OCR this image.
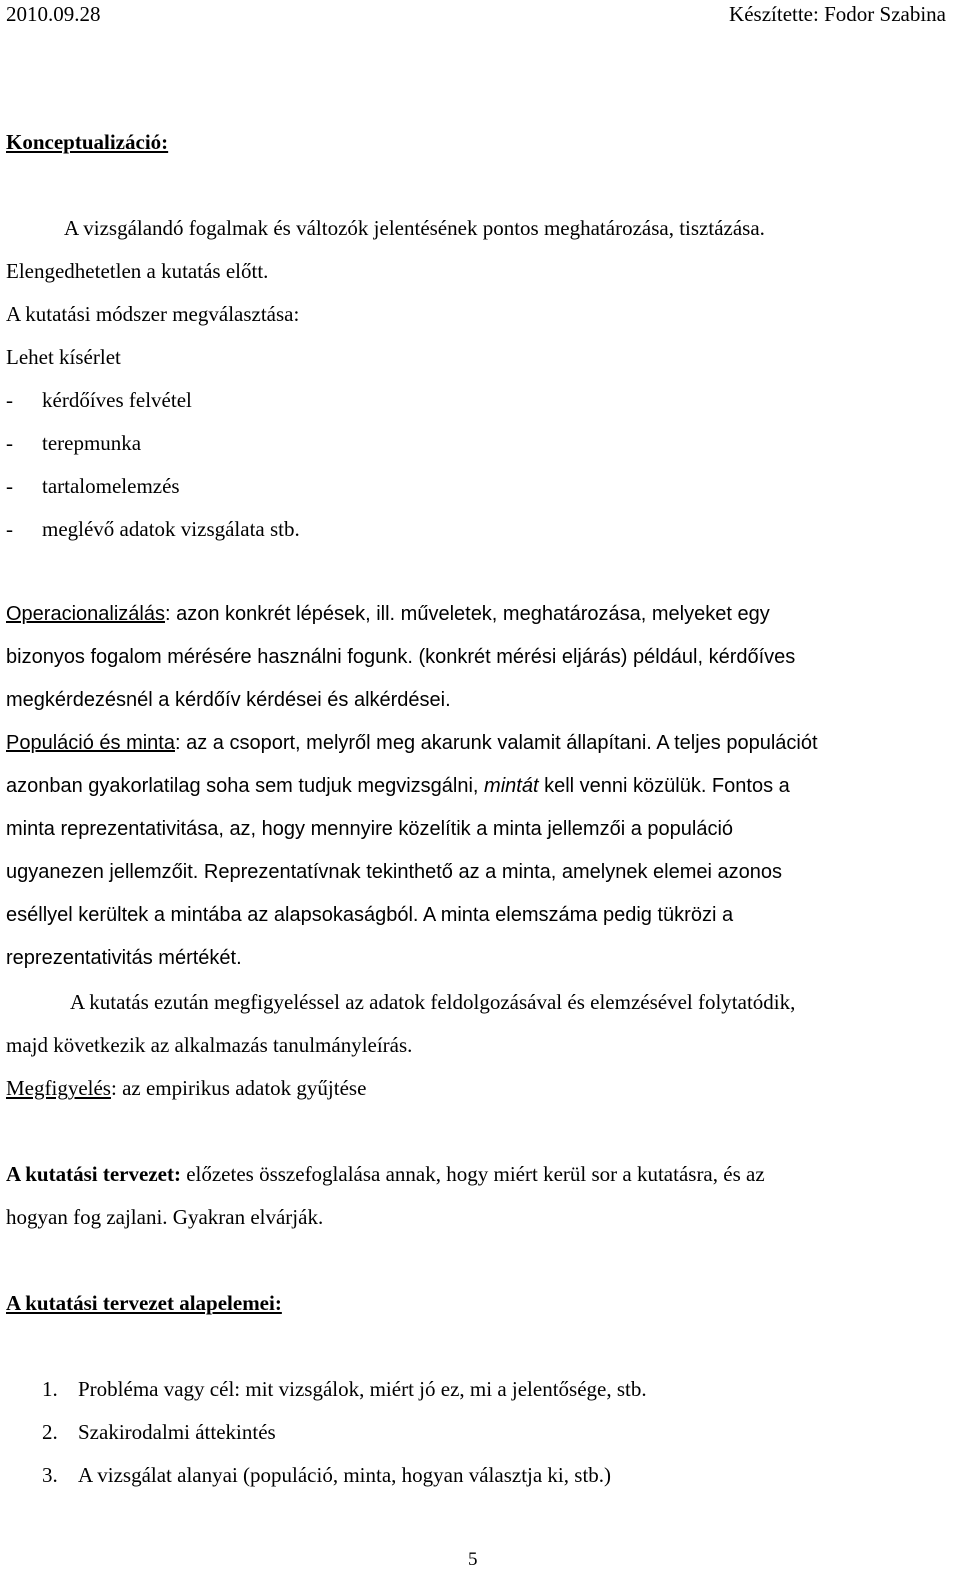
2010.09.28	Készítette: Fodor Szabina
Konceptualizáció:
A vizsgálandó fogalmak és változók jelentésének pontos meghatározása, tisztázása.
Elengedhetetlen a kutatás előtt.
A kutatási módszer megválasztása:
Lehet kísérlet
- kérdőíves felvétel
- terepmunka
- tartalomelemzés
- meglévő adatok vizsgálata stb.
Operacionalizálás: azon konkrét lépések, ill. műveletek, meghatározása, melyeket egy
bizonyos fogalom mérésére használni fogunk. (konkrét mérési eljárás) például, kérdőíves
megkérdezésnél a kérdőív kérdései és alkérdései.
Populáció és minta: az a csoport, melyről meg akarunk valamit állapítani. A teljes populációt
azonban gyakorlatilag soha sem tudjuk megvizsgálni, mintát kell venni közülük. Fontos a
minta reprezentativitása, az, hogy mennyire közelítik a minta jellemzői a populáció
ugyanezen jellemzőit. Reprezentatívnak tekinthető az a minta, amelynek elemei azonos
eséllyel kerültek a mintába az alapsokaságból. A minta elemszáma pedig tükrözi a
reprezentativitás mértékét.
A kutatás ezután megfigyeléssel az adatok feldolgozásával és elemzésével folytatódik,
majd következik az alkalmazás tanulmányleírás.
Megfigyelés: az empirikus adatok gyűjtése
A kutatási tervezet: előzetes összefoglalása annak, hogy miért kerül sor a kutatásra, és az
hogyan fog zajlani. Gyakran elvárják.
A kutatási tervezet alapelemei:
1. Probléma vagy cél: mit vizsgálok, miért jó ez, mi a jelentősége, stb.
2. Szakirodalmi áttekintés
3. A vizsgálat alanyai (populáció, minta, hogyan választja ki, stb.)
5
